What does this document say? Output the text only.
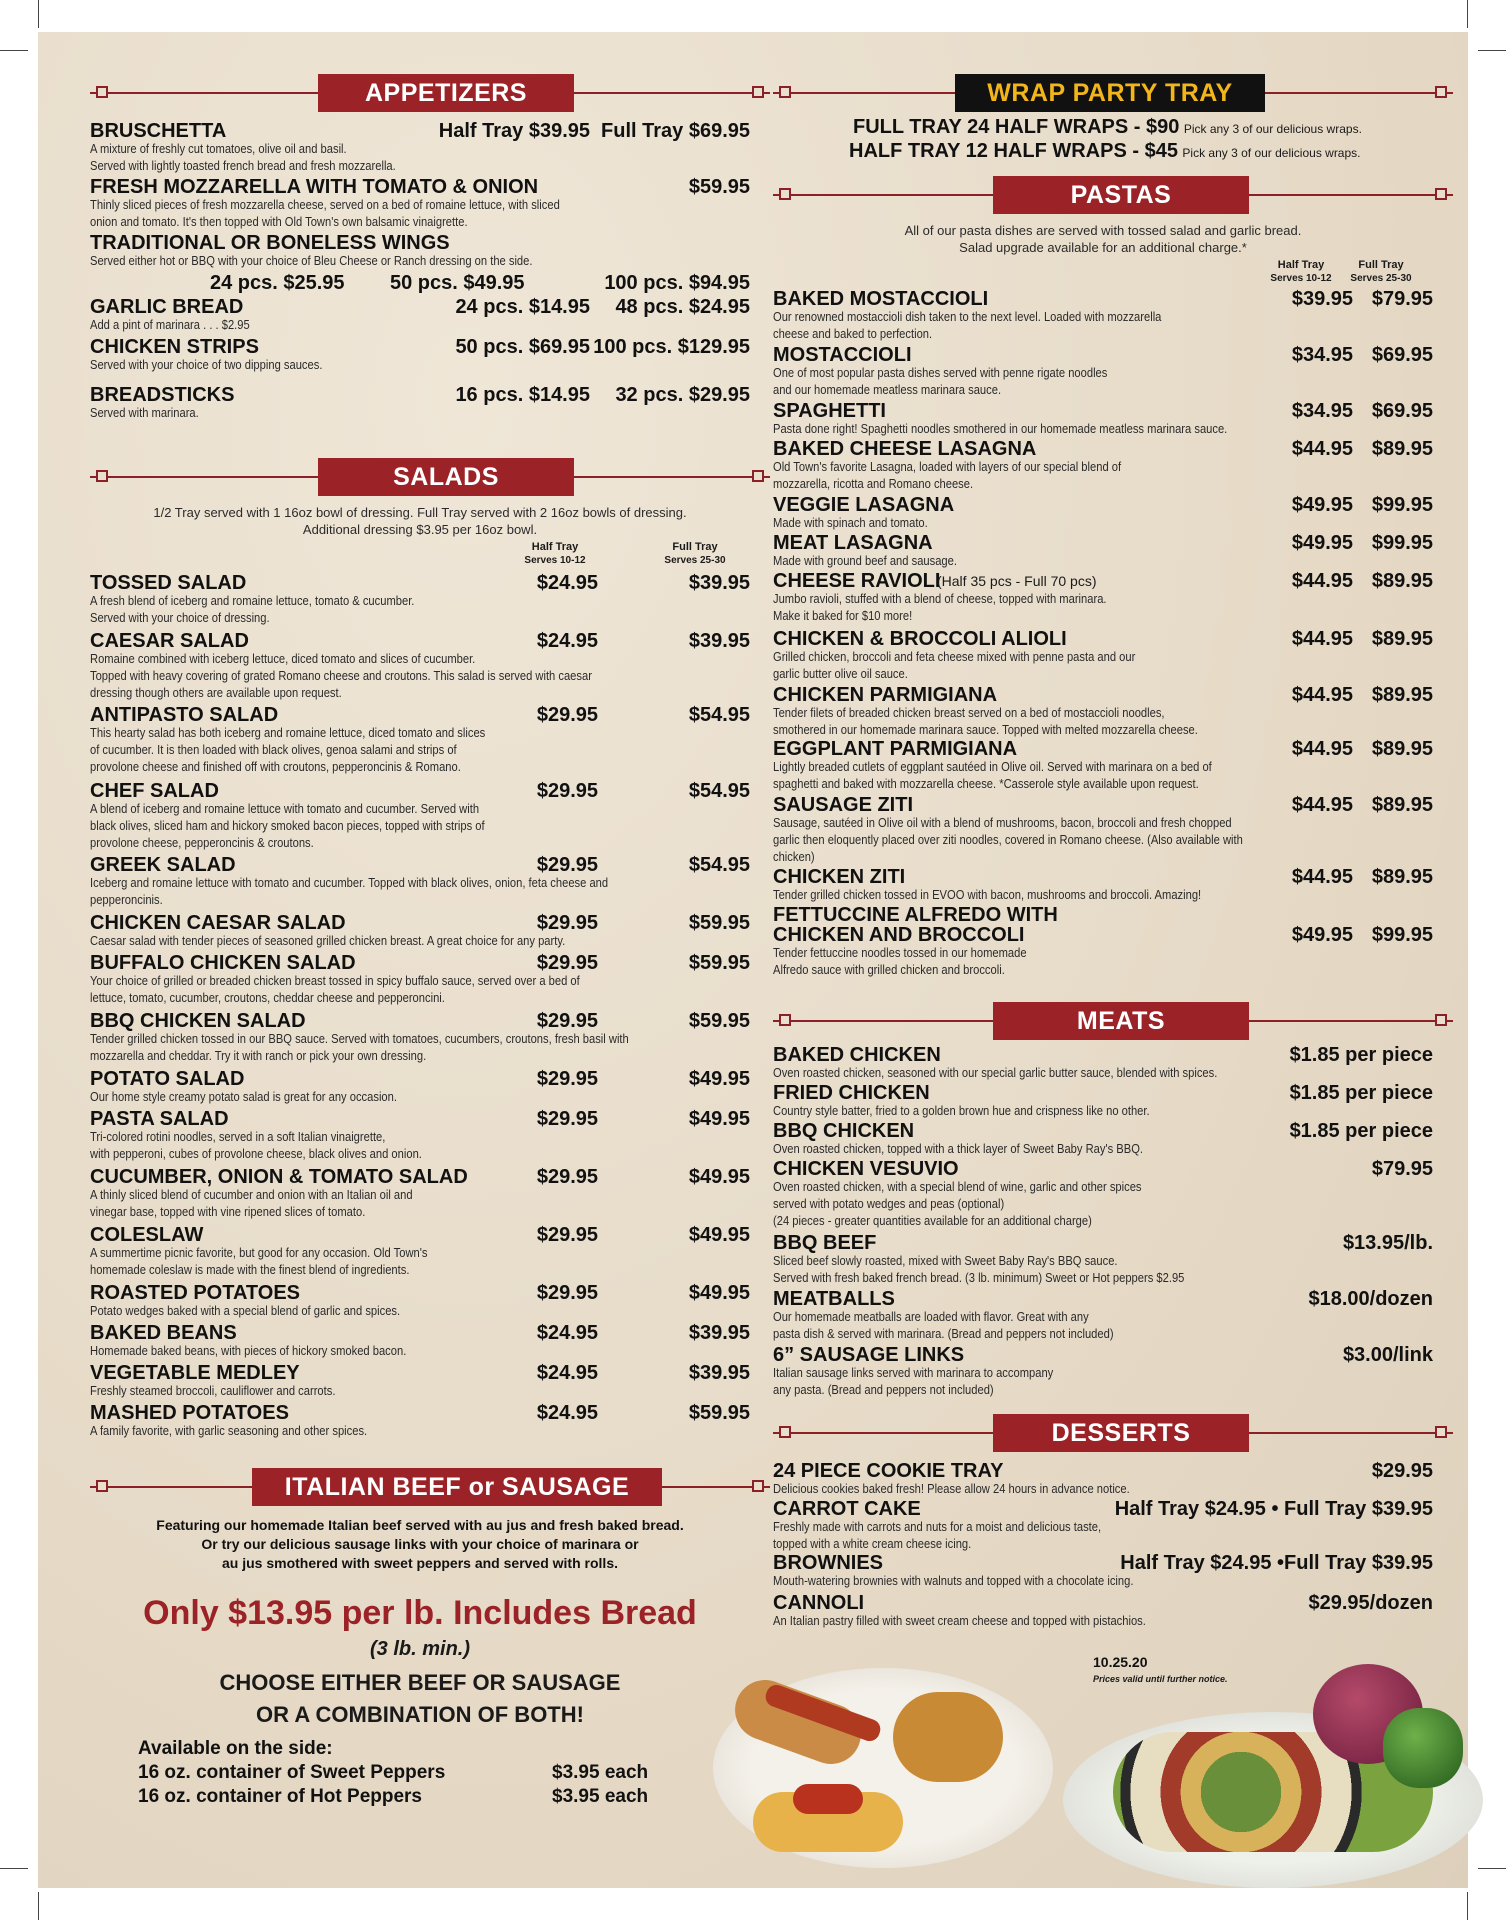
APPETIZERS
BRUSCHETTA	Half Tray $39.95 Full Tray $69.95
A mixture of freshly cut tomatoes, olive oil and basil.
Served with lightly toasted french bread and fresh mozzarella.
FRESH MOZZARELLA WITH TOMATO & ONION	$59.95
Thinly sliced pieces of fresh mozzarella cheese, served on a bed of romaine lettuce, with sliced
onion and tomato. It's then topped with Old Town's own balsamic vinaigrette.
TRADITIONAL OR BONELESS WINGS
Served either hot or BBQ with your choice of Bleu Cheese or Ranch dressing on the side.
24 pcs. $25.95 50 pcs. $49.95	100 pcs. $94.95
GARLIC BREAD	24 pcs. $14.95 48 pcs. $24.95
Add a pint of marinara . . . $2.95
CHICKEN STRIPS	50 pcs. $69.95 100 pcs. $129.95
Served with your choice of two dipping sauces.
BREADSTICKS	16 pcs. $14.95 32 pcs. $29.95
Served with marinara.
SALADS
1/2 Tray served with 1 16oz bowl of dressing. Full Tray served with 2 16oz bowls of dressing.
Additional dressing $3.95 per 16oz bowl.
Half Tray
Serves 10-12
Full Tray
Serves 25-30
TOSSED SALAD	$24.95	$39.95
A fresh blend of iceberg and romaine lettuce, tomato & cucumber.
Served with your choice of dressing.
CAESAR SALAD	$24.95	$39.95
Romaine combined with iceberg lettuce, diced tomato and slices of cucumber.
Topped with heavy covering of grated Romano cheese and croutons. This salad is served with caesar
dressing though others are available upon request.
ANTIPASTO SALAD	$29.95	$54.95
This hearty salad has both iceberg and romaine lettuce, diced tomato and slices
of cucumber. It is then loaded with black olives, genoa salami and strips of
provolone cheese and finished off with croutons, pepperoncinis & Romano.
CHEF SALAD	$29.95	$54.95
A blend of iceberg and romaine lettuce with tomato and cucumber. Served with
black olives, sliced ham and hickory smoked bacon pieces, topped with strips of
provolone cheese, pepperoncinis & croutons.
GREEK SALAD	$29.95	$54.95
Iceberg and romaine lettuce with tomato and cucumber. Topped with black olives, onion, feta cheese and
pepperoncinis.
CHICKEN CAESAR SALAD	$29.95	$59.95
Caesar salad with tender pieces of seasoned grilled chicken breast. A great choice for any party.
BUFFALO CHICKEN SALAD	$29.95	$59.95
Your choice of grilled or breaded chicken breast tossed in spicy buffalo sauce, served over a bed of
lettuce, tomato, cucumber, croutons, cheddar cheese and pepperoncini.
BBQ CHICKEN SALAD	$29.95	$59.95
Tender grilled chicken tossed in our BBQ sauce. Served with tomatoes, cucumbers, croutons, fresh basil with
mozzarella and cheddar. Try it with ranch or pick your own dressing.
POTATO SALAD	$29.95	$49.95
Our home style creamy potato salad is great for any occasion.
PASTA SALAD	$29.95	$49.95
Tri-colored rotini noodles, served in a soft Italian vinaigrette,
with pepperoni, cubes of provolone cheese, black olives and onion.
CUCUMBER, ONION & TOMATO SALAD	$29.95	$49.95
A thinly sliced blend of cucumber and onion with an Italian oil and
vinegar base, topped with vine ripened slices of tomato.
COLESLAW	$29.95	$49.95
A summertime picnic favorite, but good for any occasion. Old Town's
homemade coleslaw is made with the finest blend of ingredients.
ROASTED POTATOES	$29.95	$49.95
Potato wedges baked with a special blend of garlic and spices.
BAKED BEANS	$24.95	$39.95
Homemade baked beans, with pieces of hickory smoked bacon.
VEGETABLE MEDLEY	$24.95	$39.95
Freshly steamed broccoli, cauliflower and carrots.
MASHED POTATOES	$24.95	$59.95
A family favorite, with garlic seasoning and other spices.
ITALIAN BEEF or SAUSAGE
Featuring our homemade Italian beef served with au jus and fresh baked bread.
Or try our delicious sausage links with your choice of marinara or
au jus smothered with sweet peppers and served with rolls.
Only $13.95 per lb. Includes Bread
(3 lb. min.)
CHOOSE EITHER BEEF OR SAUSAGE
OR A COMBINATION OF BOTH!
Available on the side:
16 oz. container of Sweet Peppers	$3.95 each
16 oz. container of Hot Peppers	$3.95 each
WRAP PARTY TRAY
FULL TRAY 24 HALF WRAPS - $90 Pick any 3 of our delicious wraps.
HALF TRAY 12 HALF WRAPS - $45 Pick any 3 of our delicious wraps.
PASTAS
All of our pasta dishes are served with tossed salad and garlic bread.
Salad upgrade available for an additional charge.*
Half Tray
Serves 10-12
Full Tray
Serves 25-30
BAKED MOSTACCIOLI	$39.95 $79.95
Our renowned mostaccioli dish taken to the next level. Loaded with mozzarella
cheese and baked to perfection.
MOSTACCIOLI	$34.95 $69.95
One of most popular pasta dishes served with penne rigate noodles
and our homemade meatless marinara sauce.
SPAGHETTI	$34.95 $69.95
Pasta done right! Spaghetti noodles smothered in our homemade meatless marinara sauce.
BAKED CHEESE LASAGNA	$44.95 $89.95
Old Town's favorite Lasagna, loaded with layers of our special blend of
mozzarella, ricotta and Romano cheese.
VEGGIE LASAGNA	$49.95 $99.95
Made with spinach and tomato.
MEAT LASAGNA	$49.95 $99.95
Made with ground beef and sausage.
CHEESE RAVIOLI
(Half 35 pcs - Full 70 pcs)	$44.95 $89.95
Jumbo ravioli, stuffed with a blend of cheese, topped with marinara.
Make it baked for $10 more!
CHICKEN & BROCCOLI ALIOLI	$44.95 $89.95
Grilled chicken, broccoli and feta cheese mixed with penne pasta and our
garlic butter olive oil sauce.
CHICKEN PARMIGIANA	$44.95 $89.95
Tender filets of breaded chicken breast served on a bed of mostaccioli noodles,
smothered in our homemade marinara sauce. Topped with melted mozzarella cheese.
EGGPLANT PARMIGIANA	$44.95 $89.95
Lightly breaded cutlets of eggplant sautéed in Olive oil. Served with marinara on a bed of
spaghetti and baked with mozzarella cheese. *Casserole style available upon request.
SAUSAGE ZITI	$44.95 $89.95
Sausage, sautéed in Olive oil with a blend of mushrooms, bacon, broccoli and fresh chopped
garlic then eloquently placed over ziti noodles, covered in Romano cheese. (Also available with
chicken)
CHICKEN ZITI	$44.95 $89.95
Tender grilled chicken tossed in EVOO with bacon, mushrooms and broccoli. Amazing!
FETTUCCINE ALFREDO WITH
CHICKEN AND BROCCOLI	$49.95 $99.95
Tender fettuccine noodles tossed in our homemade
Alfredo sauce with grilled chicken and broccoli.
MEATS
BAKED CHICKEN	$1.85 per piece
Oven roasted chicken, seasoned with our special garlic butter sauce, blended with spices.
FRIED CHICKEN	$1.85 per piece
Country style batter, fried to a golden brown hue and crispness like no other.
BBQ CHICKEN	$1.85 per piece
Oven roasted chicken, topped with a thick layer of Sweet Baby Ray's BBQ.
CHICKEN VESUVIO	$79.95
Oven roasted chicken, with a special blend of wine, garlic and other spices
served with potato wedges and peas (optional)
(24 pieces - greater quantities available for an additional charge)
BBQ BEEF	$13.95/lb.
Sliced beef slowly roasted, mixed with Sweet Baby Ray's BBQ sauce.
Served with fresh baked french bread. (3 lb. minimum) Sweet or Hot peppers $2.95
MEATBALLS	$18.00/dozen
Our homemade meatballs are loaded with flavor. Great with any
pasta dish & served with marinara. (Bread and peppers not included)
6” SAUSAGE LINKS	$3.00/link
Italian sausage links served with marinara to accompany
any pasta. (Bread and peppers not included)
DESSERTS
24 PIECE COOKIE TRAY	$29.95
Delicious cookies baked fresh! Please allow 24 hours in advance notice.
CARROT CAKE	Half Tray $24.95 • Full Tray $39.95
Freshly made with carrots and nuts for a moist and delicious taste,
topped with a white cream cheese icing.
BROWNIES	Half Tray $24.95 •Full Tray $39.95
Mouth-watering brownies with walnuts and topped with a chocolate icing.
CANNOLI	$29.95/dozen
An Italian pastry filled with sweet cream cheese and topped with pistachios.
10.25.20
Prices valid until further notice.
